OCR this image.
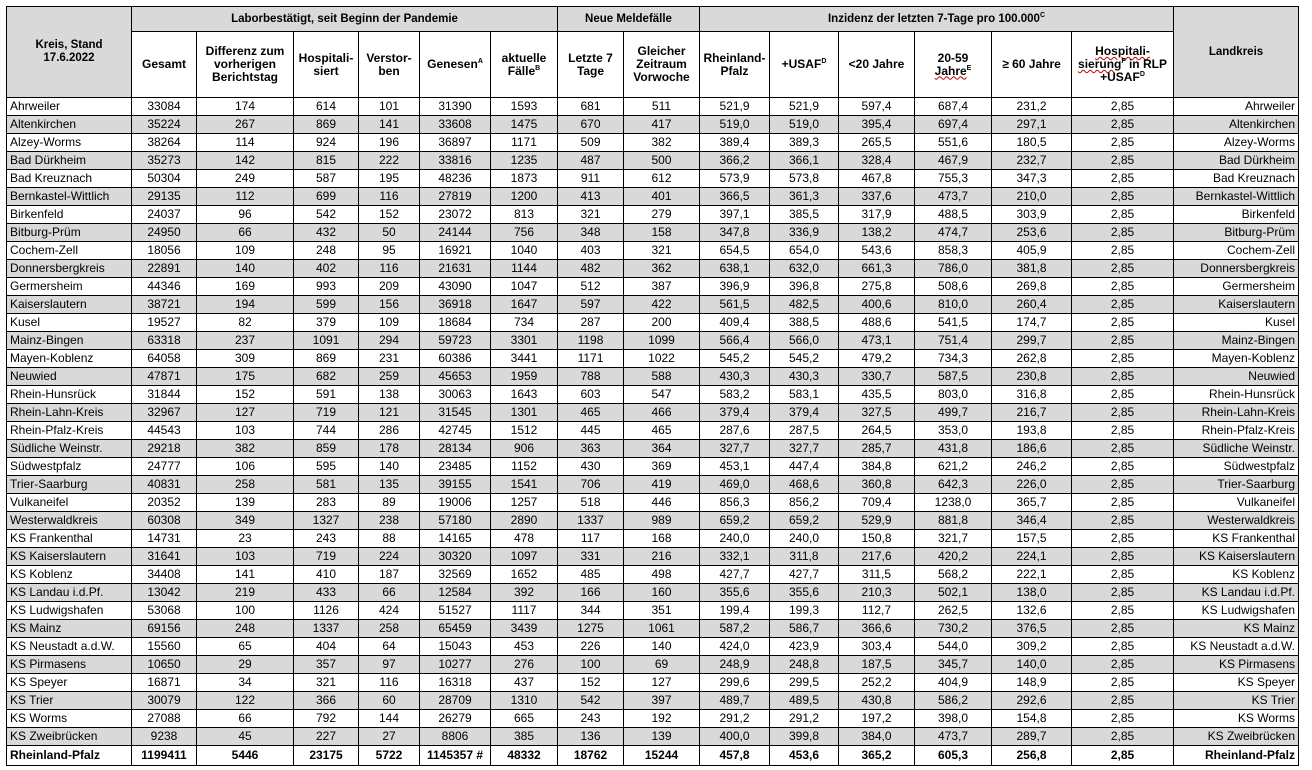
Kreis, Stand 17.6.2022	Laborbestätigt, seit Beginn der Pandemie						Neue Meldefälle		Inzidenz der letzten 7-Tage pro $100.000^C$						Landkreis
	Gesamt	Differenz zum vorherigen Berichtstag	Hospitali-siert	Verstor-ben	Genesen$^A$	aktuelle Fälle$^B$	Letzte 7 Tage	Gleicher Zeitraum Vorwoche	Rheinland-Pfalz	$+USAF^D$	<20 Jahre	20-59 Jahre$^E$	≥ 60 Jahre	Hospitali-sierung$^F$ in RLP $+USAF^D$
Ahrweiler	33084	174	614	101	31390	1593	681	511	521,9	521,9	597,4	687,4	231,2	2,85	Ahrweiler
Altenkirchen	35224	267	869	141	33608	1475	670	417	519,0	519,0	395,4	697,4	297,1	2,85	Altenkirchen
Alzey-Worms	38264	114	924	196	36897	1171	509	382	389,4	389,3	265,5	551,6	180,5	2,85	Alzey-Worms
Bad Dürkheim	35273	142	815	222	33816	1235	487	500	366,2	366,1	328,4	467,9	232,7	2,85	Bad Dürkheim
Bad Kreuznach	50304	249	587	195	48236	1873	911	612	573,9	573,8	467,8	755,3	347,3	2,85	Bad Kreuznach
Bernkastel-Wittlich	29135	112	699	116	27819	1200	413	401	366,5	361,3	337,6	473,7	210,0	2,85	Bernkastel-Wittlich
Birkenfeld	24037	96	542	152	23072	813	321	279	397,1	385,5	317,9	488,5	303,9	2,85	Birkenfeld
Bitburg-Prüm	24950	66	432	50	24144	756	348	158	347,8	336,9	138,2	474,7	253,6	2,85	Bitburg-Prüm
Cochem-Zell	18056	109	248	95	16921	1040	403	321	654,5	654,0	543,6	858,3	405,9	2,85	Cochem-Zell
Donnersbergkreis	22891	140	402	116	21631	1144	482	362	638,1	632,0	661,3	786,0	381,8	2,85	Donnersbergkreis
Germersheim	44346	169	993	209	43090	1047	512	387	396,9	396,8	275,8	508,6	269,8	2,85	Germersheim
Kaiserslautern	38721	194	599	156	36918	1647	597	422	561,5	482,5	400,6	810,0	260,4	2,85	Kaiserslautern
Kusel	19527	82	379	109	18684	734	287	200	409,4	388,5	488,6	541,5	174,7	2,85	Kusel
Mainz-Bingen	63318	237	1091	294	59723	3301	1198	1099	566,4	566,0	473,1	751,4	299,7	2,85	Mainz-Bingen
Mayen-Koblenz	64058	309	869	231	60386	3441	1171	1022	545,2	545,2	479,2	734,3	262,8	2,85	Mayen-Koblenz
Neuwied	47871	175	682	259	45653	1959	788	588	430,3	430,3	330,7	587,5	230,8	2,85	Neuwied
Rhein-Hunsrück	31844	152	591	138	30063	1643	603	547	583,2	583,1	435,5	803,0	316,8	2,85	Rhein-Hunsrück
Rhein-Lahn-Kreis	32967	127	719	121	31545	1301	465	466	379,4	379,4	327,5	499,7	216,7	2,85	Rhein-Lahn-Kreis
Rhein-Pfalz-Kreis	44543	103	744	286	42745	1512	445	465	287,6	287,5	264,5	353,0	193,8	2,85	Rhein-Pfalz-Kreis
Südliche Weinstr.	29218	382	859	178	28134	906	363	364	327,7	327,7	285,7	431,8	186,6	2,85	Südliche Weinstr.
Südwestpfalz	24777	106	595	140	23485	1152	430	369	453,1	447,4	384,8	621,2	246,2	2,85	Südwestpfalz
Trier-Saarburg	40831	258	581	135	39155	1541	706	419	469,0	468,6	360,8	642,3	226,0	2,85	Trier-Saarburg
Vulkaneifel	20352	139	283	89	19006	1257	518	446	856,3	856,2	709,4	1238,0	365,7	2,85	Vulkaneifel
Westerwaldkreis	60308	349	1327	238	57180	2890	1337	989	659,2	659,2	529,9	881,8	346,4	2,85	Westerwaldkreis
KS Frankenthal	14731	23	243	88	14165	478	117	168	240,0	240,0	150,8	321,7	157,5	2,85	KS Frankenthal
KS Kaiserslautern	31641	103	719	224	30320	1097	331	216	332,1	311,8	217,6	420,2	224,1	2,85	KS Kaiserslautern
KS Koblenz	34408	141	410	187	32569	1652	485	498	427,7	427,7	311,5	568,2	222,1	2,85	KS Koblenz
KS Landau i.d.Pf.	13042	219	433	66	12584	392	166	160	355,6	355,6	210,3	502,1	138,0	2,85	KS Landau i.d.Pf.
KS Ludwigshafen	53068	100	1126	424	51527	1117	344	351	199,4	199,3	112,7	262,5	132,6	2,85	KS Ludwigshafen
KS Mainz	69156	248	1337	258	65459	3439	1275	1061	587,2	586,7	366,6	730,2	376,5	2,85	KS Mainz
KS Neustadt a.d.W.	15560	65	404	64	15043	453	226	140	424,0	423,9	303,4	544,0	309,2	2,85	KS Neustadt a.d.W.
KS Pirmasens	10650	29	357	97	10277	276	100	69	248,9	248,8	187,5	345,7	140,0	2,85	KS Pirmasens
KS Speyer	16871	34	321	116	16318	437	152	127	299,6	299,5	252,2	404,9	148,9	2,85	KS Speyer
KS Trier	30079	122	366	60	28709	1310	542	397	489,7	489,5	430,8	586,2	292,6	2,85	KS Trier
KS Worms	27088	66	792	144	26279	665	243	192	291,2	291,2	197,2	398,0	154,8	2,85	KS Worms
KS Zweibrücken	9238	45	227	27	8806	385	136	139	400,0	399,8	384,0	473,7	289,7	2,85	KS Zweibrücken
Rheinland-Pfalz	1199411	5446	23175	5722	1145357 #	48332	18762	15244	457,8	453,6	365,2	605,3	256,8	2,85	Rheinland-Pfalz
